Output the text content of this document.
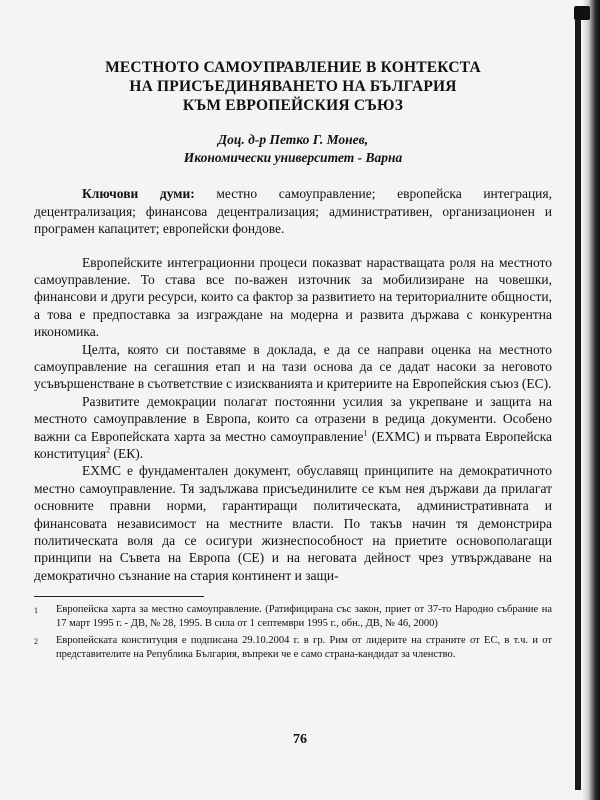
МЕСТНОТО САМОУПРАВЛЕНИЕ В КОНТЕКСТА
НА ПРИСЪЕДИНЯВАНЕТО НА БЪЛГАРИЯ
КЪМ ЕВРОПЕЙСКИЯ СЪЮЗ
Доц. д-р Петко Г. Монев,
Икономически университет - Варна
Ключови думи: местно самоуправление; европейска интеграция, децентрализация; финансова децентрализация; административен, организационен и програмен капацитет; европейски фондове.

Европейските интеграционни процеси показват нарастващата роля на местното самоуправление. То става все по-важен източник за мобилизиране на човешки, финансови и други ресурси, които са фактор за развитието на териториалните общности, а това е предпоставка за изграждане на модерна и развита държава с конкурентна икономика.

Целта, която си поставяме в доклада, е да се направи оценка на местното самоуправление на сегашния етап и на тази основа да се дадат насоки за неговото усъвършенстване в съответствие с изискванията и критериите на Европейския съюз (ЕС).

Развитите демокрации полагат постоянни усилия за укрепване и защита на местното самоуправление в Европа, които са отразени в редица документи. Особено важни са Европейската харта за местно самоуправление$^1$ (ЕХМС) и първата Европейска конституция$^2$ (ЕК).

ЕХМС е фундаментален документ, обуславящ принципите на демократичното местно самоуправление. Тя задължава присъединилите се към нея държави да прилагат основните правни норми, гарантиращи политическата, административната и финансовата независимост на местните власти. По такъв начин тя демонстрира политическата воля да се осигури жизнеспособност на приетите основополагащи принципи на Съвета на Европа (СЕ) и на неговата дейност чрез утвърждаване на демократично съзнание на стария континент и защи-

1	Европейска харта за местно самоуправление. (Ратифицирана със закон, приет от 37-то Народно събрание на 17 март 1995 г. - ДВ, № 28, 1995. В сила от 1 септември 1995 г., обн., ДВ, № 46, 2000)
2	Европейската конституция е подписана 29.10.2004 г. в гр. Рим от лидерите на страните от ЕС, в т.ч. и от представителите на Република България, въпреки че е само страна-кандидат за членство.
76
